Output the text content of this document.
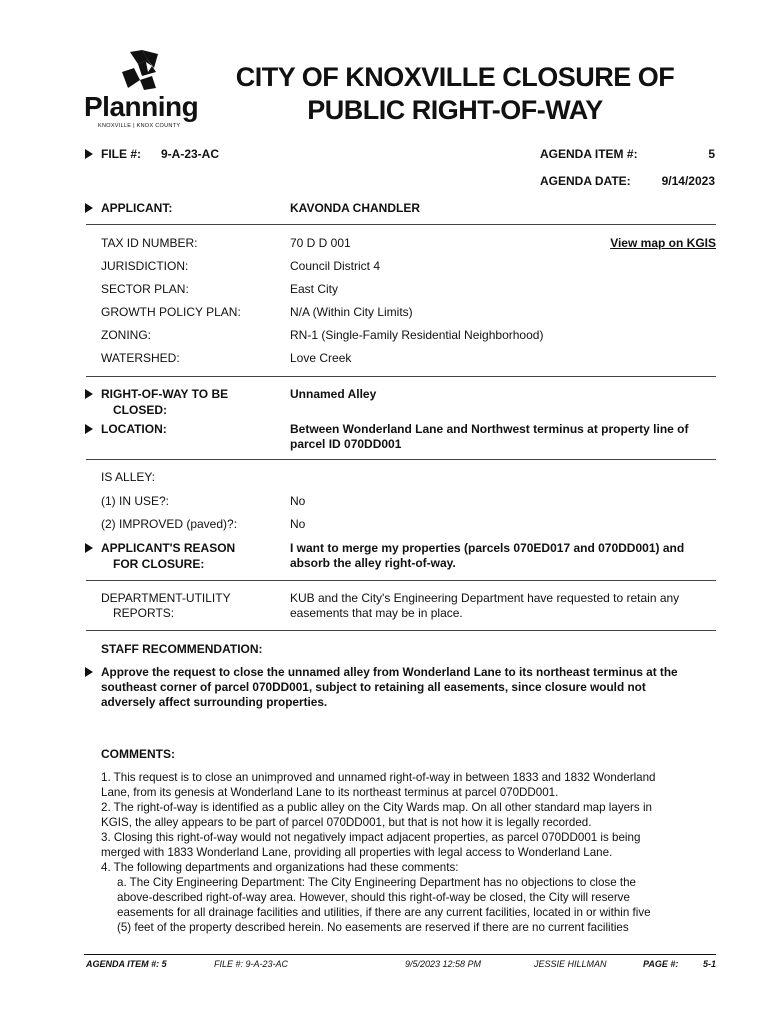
Planning
KNOXVILLE | KNOX COUNTY
CITY OF KNOXVILLE CLOSURE OF
PUBLIC RIGHT-OF-WAY
FILE #: 9-A-23-AC	AGENDA ITEM #:	5
AGENDA DATE:	9/14/2023
APPLICANT:	KAVONDA CHANDLER
TAX ID NUMBER:	70 D D 001	View map on KGIS
JURISDICTION:	Council District 4
SECTOR PLAN:	East City
GROWTH POLICY PLAN:	N/A (Within City Limits)
ZONING:	RN-1 (Single-Family Residential Neighborhood)
WATERSHED:	Love Creek
RIGHT-OF-WAY TO BE
CLOSED:
Unnamed Alley
LOCATION:	Between Wonderland Lane and Northwest terminus at property line of
parcel ID 070DD001
IS ALLEY:
(1) IN USE?:	No
(2) IMPROVED (paved)?:	No
APPLICANT'S REASON
FOR CLOSURE:
I want to merge my properties (parcels 070ED017 and 070DD001) and
absorb the alley right-of-way.
DEPARTMENT-UTILITY
REPORTS:
KUB and the City's Engineering Department have requested to retain any
easements that may be in place.
STAFF RECOMMENDATION:
Approve the request to close the unnamed alley from Wonderland Lane to its northeast terminus at the
southeast corner of parcel 070DD001, subject to retaining all easements, since closure would not
adversely affect surrounding properties.
COMMENTS:
1. This request is to close an unimproved and unnamed right-of-way in between 1833 and 1832 Wonderland
Lane, from its genesis at Wonderland Lane to its northeast terminus at parcel 070DD001.
2. The right-of-way is identified as a public alley on the City Wards map. On all other standard map layers in
KGIS, the alley appears to be part of parcel 070DD001, but that is not how it is legally recorded.
3. Closing this right-of-way would not negatively impact adjacent properties, as parcel 070DD001 is being
merged with 1833 Wonderland Lane, providing all properties with legal access to Wonderland Lane.
4. The following departments and organizations had these comments:
a. The City Engineering Department: The City Engineering Department has no objections to close the
above-described right-of-way area. However, should this right-of-way be closed, the City will reserve
easements for all drainage facilities and utilities, if there are any current facilities, located in or within five
(5) feet of the property described herein. No easements are reserved if there are no current facilities
AGENDA ITEM #: 5	FILE #: 9-A-23-AC	9/5/2023 12:58 PM	JESSIE HILLMAN	PAGE #:	5-1
